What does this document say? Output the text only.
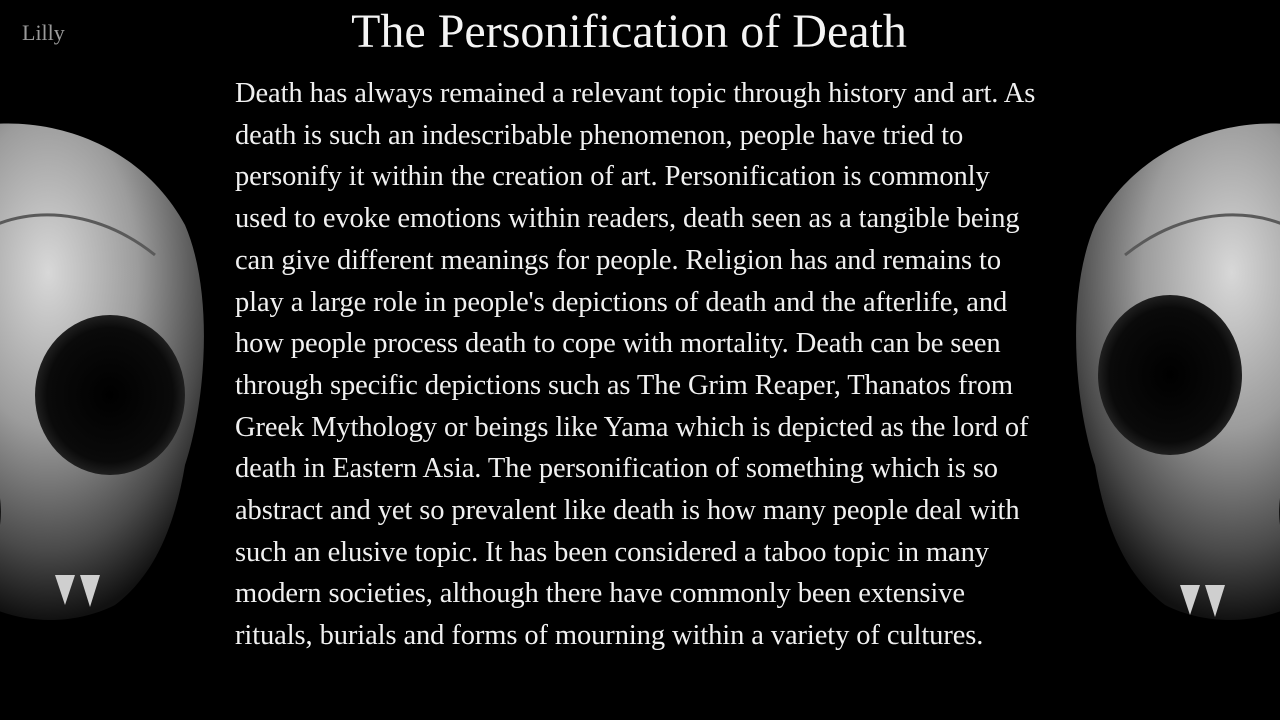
Lilly	The Personification of Death

Death has always remained a relevant topic through history and art. As death is such an indescribable phenomenon, people have tried to personify it within the creation of art. Personification is commonly used to evoke emotions within readers, death seen as a tangible being can give different meanings for people. Religion has and remains to play a large role in people's depictions of death and the afterlife, and how people process death to cope with mortality. Death can be seen through specific depictions such as The Grim Reaper, Thanatos from Greek Mythology or beings like Yama which is depicted as the lord of death in Eastern Asia. The personification of something which is so abstract and yet so prevalent like death is how many people deal with such an elusive topic. It has been considered a taboo topic in many modern societies, although there have commonly been extensive rituals, burials and forms of mourning within a variety of cultures.
